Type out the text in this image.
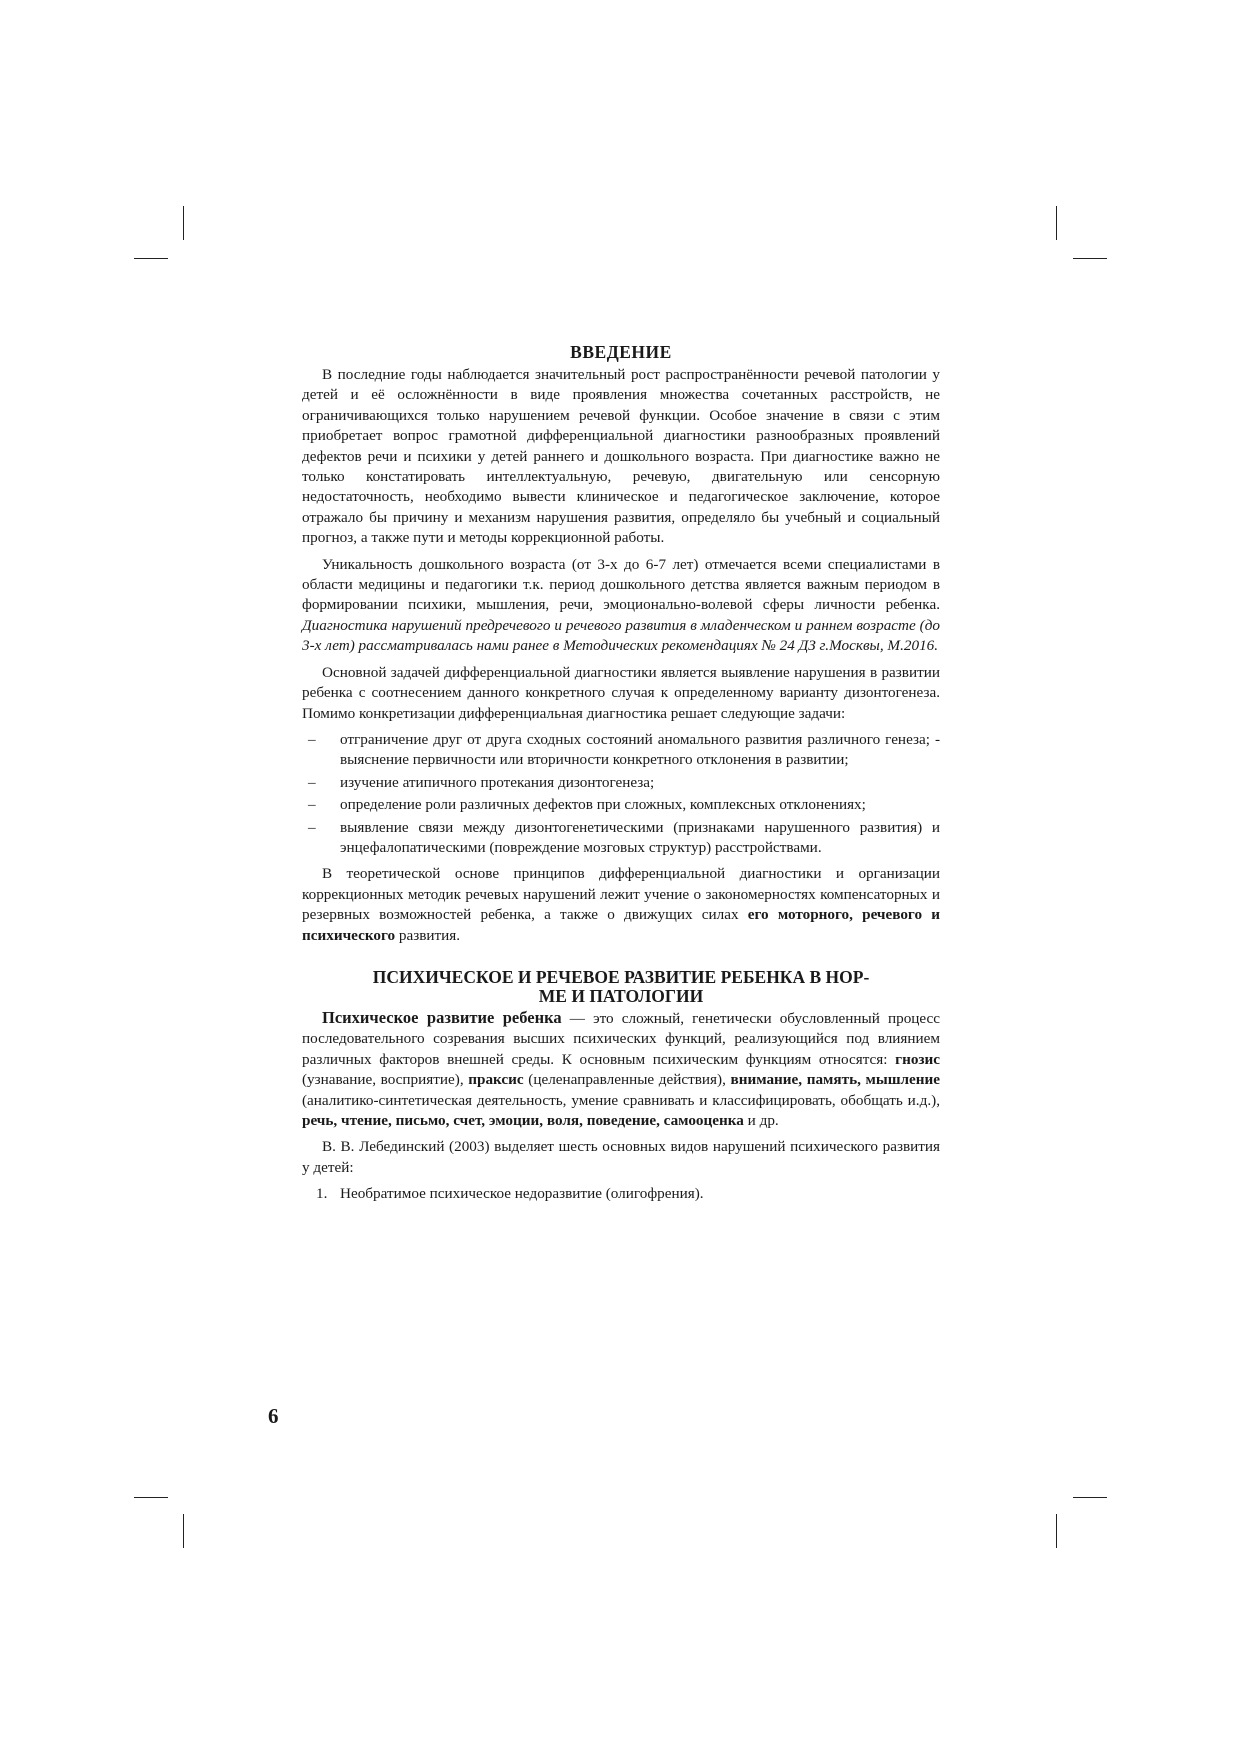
ВВЕДЕНИЕ

В последние годы наблюдается значительный рост распространённости речевой патологии у детей и её осложнённости в виде проявления множества сочетанных расстройств, не ограничивающихся только нарушением речевой функции. Особое значение в связи с этим приобретает вопрос грамотной дифференциальной диагностики разнообразных проявлений дефектов речи и психики у детей раннего и дошкольного возраста. При диагностике важно не только констатировать интеллектуальную, речевую, двигательную или сенсорную недостаточность, необходимо вывести клиническое и педагогическое заключение, которое отражало бы причину и механизм нарушения развития, определяло бы учебный и социальный прогноз, а также пути и методы коррекционной работы.

Уникальность дошкольного возраста (от 3-х до 6-7 лет) отмечается всеми специалистами в области медицины и педагогики т.к. период дошкольного детства является важным периодом в формировании психики, мышления, речи, эмоционально-волевой сферы личности ребенка. Диагностика нарушений предречевого и речевого развития в младенческом и раннем возрасте (до 3-х лет) рассматривалась нами ранее в Методических рекомендациях № 24 ДЗ г.Москвы, М.2016.

Основной задачей дифференциальной диагностики является выявление нарушения в развитии ребенка с соотнесением данного конкретного случая к определенному варианту дизонтогенеза. Помимо конкретизации дифференциальная диагностика решает следующие задачи:

– отграничение друг от друга сходных состояний аномального развития различного генеза; - выяснение первичности или вторичности конкретного отклонения в развитии;
– изучение атипичного протекания дизонтогенеза;
– определение роли различных дефектов при сложных, комплексных отклонениях;
– выявление связи между дизонтогенетическими (признаками нарушенного развития) и энцефалопатическими (повреждение мозговых структур) расстройствами.

В теоретической основе принципов дифференциальной диагностики и организации коррекционных методик речевых нарушений лежит учение о закономерностях компенсаторных и резервных возможностей ребенка, а также о движущих силах его моторного, речевого и психического развития.

ПСИХИЧЕСКОЕ И РЕЧЕВОЕ РАЗВИТИЕ РЕБЕНКА В НОР-
МЕ И ПАТОЛОГИИ

Психическое развитие ребенка — это сложный, генетически обусловленный процесс последовательного созревания высших психических функций, реализующийся под влиянием различных факторов внешней среды. К основным психическим функциям относятся: гнозис (узнавание, восприятие), праксис (целенаправленные действия), внимание, память, мышление (аналитико-синтетическая деятельность, умение сравнивать и классифицировать, обобщать и.д.), речь, чтение, письмо, счет, эмоции, воля, поведение, самооценка и др.

В. В. Лебединский (2003) выделяет шесть основных видов нарушений психического развития у детей:

1. Необратимое психическое недоразвитие (олигофрения).

6
